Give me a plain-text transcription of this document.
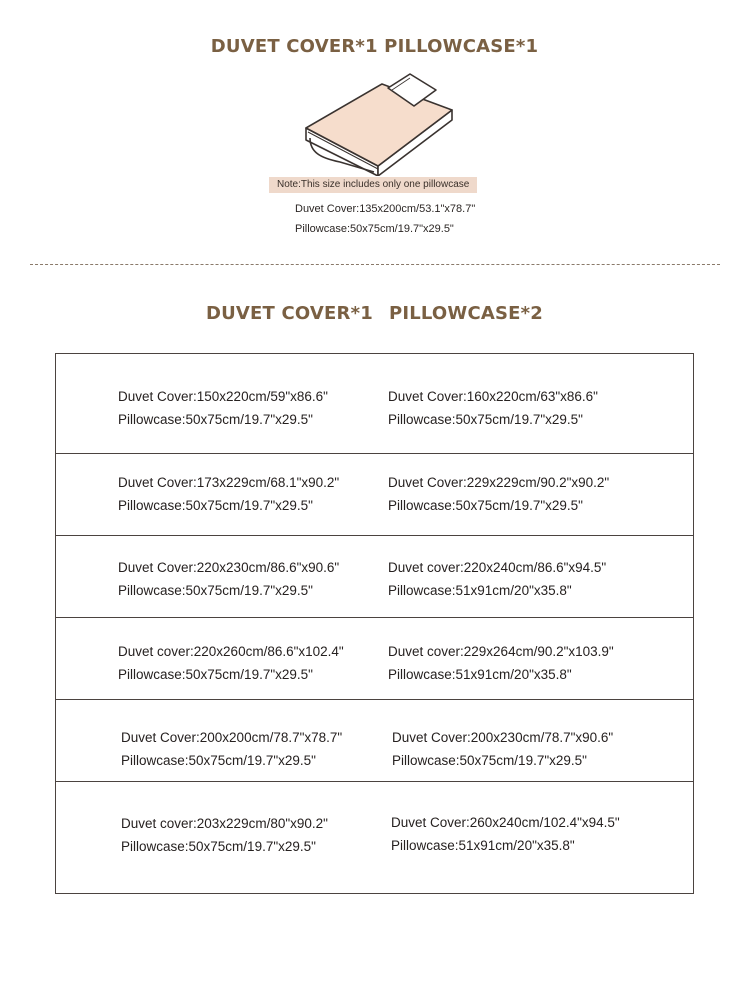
DUVET COVER*1 PILLOWCASE*1
Note:This size includes only one pillowcase
Duvet Cover:135x200cm/53.1"x78.7"
Pillowcase:50x75cm/19.7"x29.5"
DUVET COVER*1 PILLOWCASE*2
Duvet Cover:150x220cm/59"x86.6"
Pillowcase:50x75cm/19.7"x29.5"
Duvet Cover:160x220cm/63"x86.6"
Pillowcase:50x75cm/19.7"x29.5"
Duvet Cover:173x229cm/68.1"x90.2"
Pillowcase:50x75cm/19.7"x29.5"
Duvet Cover:229x229cm/90.2"x90.2"
Pillowcase:50x75cm/19.7"x29.5"
Duvet Cover:220x230cm/86.6"x90.6"
Pillowcase:50x75cm/19.7"x29.5"
Duvet cover:220x240cm/86.6"x94.5"
Pillowcase:51x91cm/20"x35.8"
Duvet cover:220x260cm/86.6"x102.4"
Pillowcase:50x75cm/19.7"x29.5"
Duvet cover:229x264cm/90.2"x103.9"
Pillowcase:51x91cm/20"x35.8"
Duvet Cover:200x200cm/78.7"x78.7"
Pillowcase:50x75cm/19.7"x29.5"
Duvet Cover:200x230cm/78.7"x90.6"
Pillowcase:50x75cm/19.7"x29.5"
Duvet cover:203x229cm/80"x90.2"
Pillowcase:50x75cm/19.7"x29.5"
Duvet Cover:260x240cm/102.4"x94.5"
Pillowcase:51x91cm/20"x35.8"
